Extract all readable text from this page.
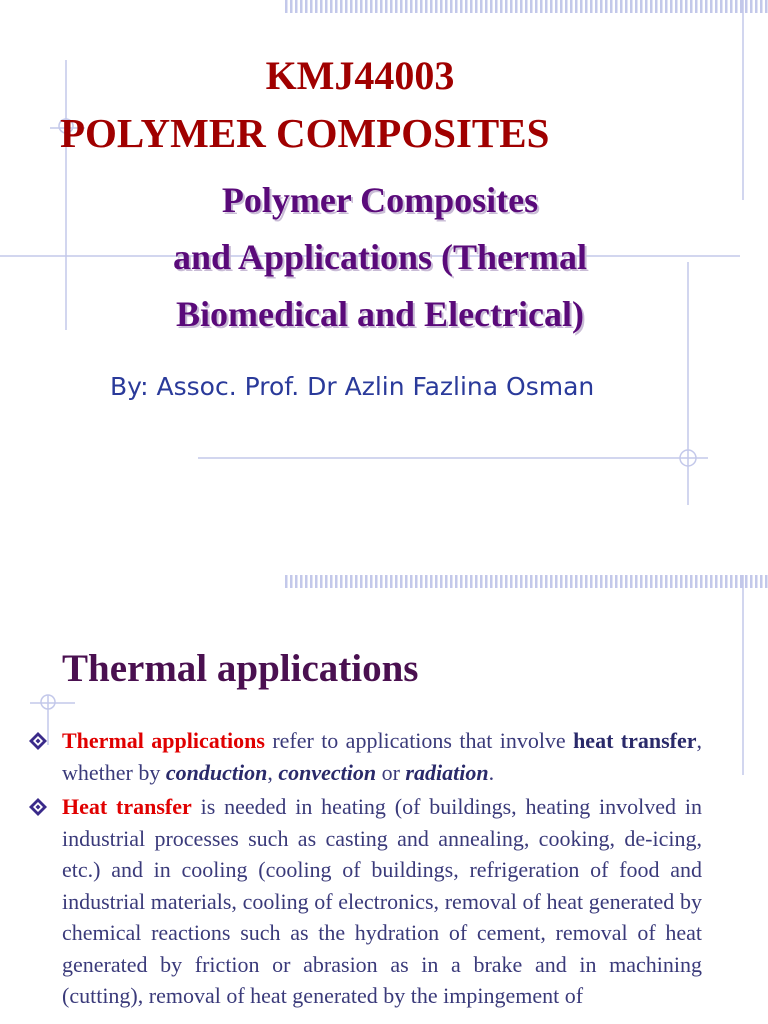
KMJ44003
POLYMER COMPOSITES
Polymer Composites
and Applications (Thermal
Biomedical and Electrical)

By: Assoc. Prof. Dr Azlin Fazlina Osman

Thermal applications
Thermal applications refer to applications that involve heat transfer, whether by conduction, convection or radiation.
Heat transfer is needed in heating (of buildings, heating involved in industrial processes such as casting and annealing, cooking, de-icing, etc.) and in cooling (cooling of buildings, refrigeration of food and industrial materials, cooling of electronics, removal of heat generated by chemical reactions such as the hydration of cement, removal of heat generated by friction or abrasion as in a brake and in machining (cutting), removal of heat generated by the impingement of
